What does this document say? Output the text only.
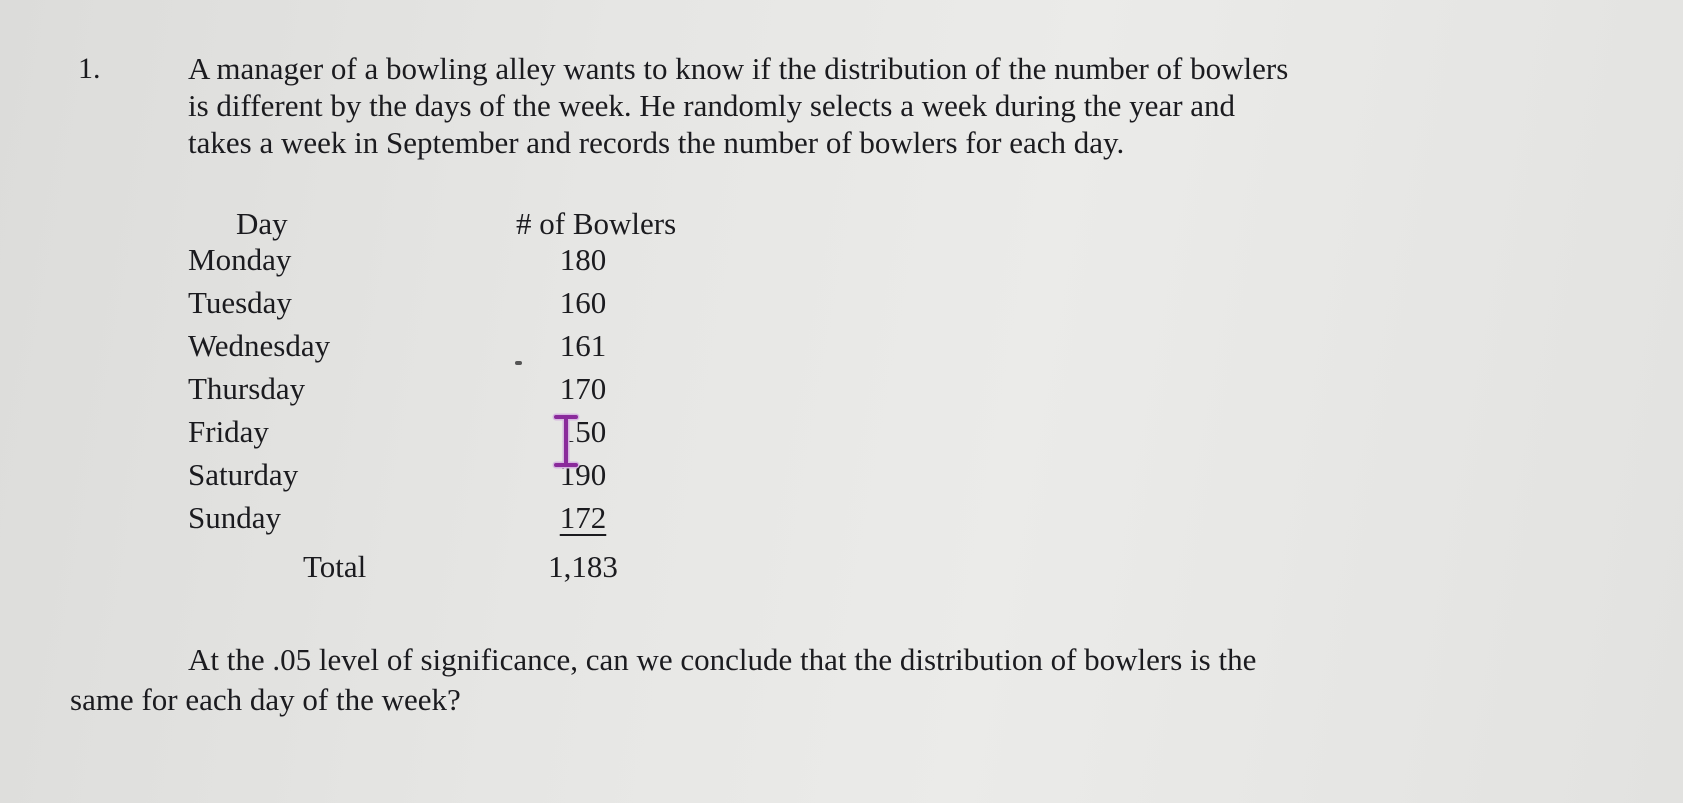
1.	A manager of a bowling alley wants to know if the distribution of the number of bowlers
is different by the days of the week. He randomly selects a week during the year and
takes a week in September and records the number of bowlers for each day.
Day	# of Bowlers
Monday	180
Tuesday	160
Wednesday	161
Thursday	170
Friday	150
Saturday	190
Sunday	172
Total	1,183
At the .05 level of significance, can we conclude that the distribution of bowlers is the
same for each day of the week?
